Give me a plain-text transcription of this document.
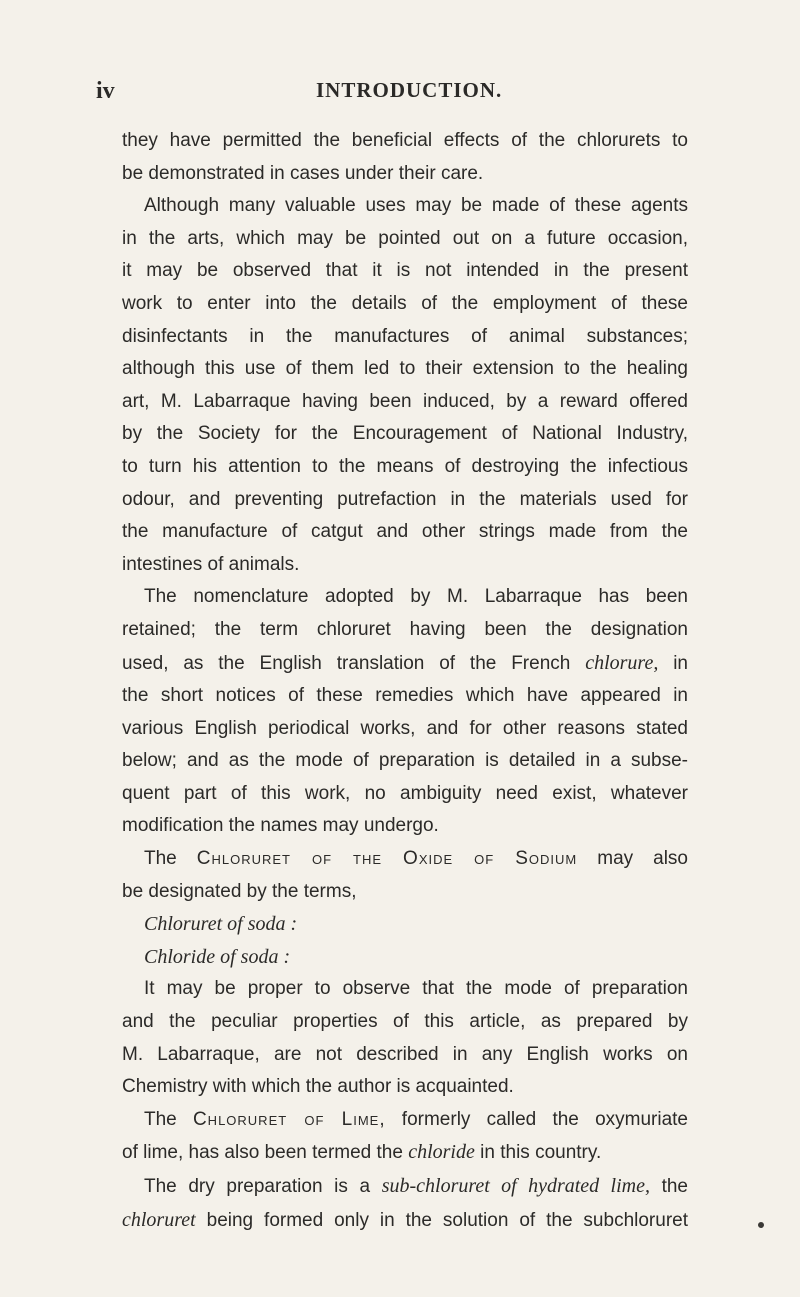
iv	INTRODUCTION.
they have permitted the beneficial effects of the chlorurets to
be demonstrated in cases under their care.
Although many valuable uses may be made of these agents
in the arts, which may be pointed out on a future occasion,
it may be observed that it is not intended in the present
work to enter into the details of the employment of these
disinfectants in the manufactures of animal substances;
although this use of them led to their extension to the healing
art, M. Labarraque having been induced, by a reward offered
by the Society for the Encouragement of National Industry,
to turn his attention to the means of destroying the infectious
odour, and preventing putrefaction in the materials used for
the manufacture of catgut and other strings made from the
intestines of animals.
The nomenclature adopted by M. Labarraque has been
retained; the term chloruret having been the designation
used, as the English translation of the French chlorure, in
the short notices of these remedies which have appeared in
various English periodical works, and for other reasons stated
below; and as the mode of preparation is detailed in a subse-
quent part of this work, no ambiguity need exist, whatever
modification the names may undergo.
The Chloruret of the Oxide of Sodium may also
be designated by the terms,
Chloruret of soda :
Chloride of soda :
It may be proper to observe that the mode of preparation
and the peculiar properties of this article, as prepared by
M. Labarraque, are not described in any English works on
Chemistry with which the author is acquainted.
The Chloruret of Lime, formerly called the oxymuriate
of lime, has also been termed the chloride in this country.
The dry preparation is a sub-chloruret of hydrated lime, the
chloruret being formed only in the solution of the subchloruret
